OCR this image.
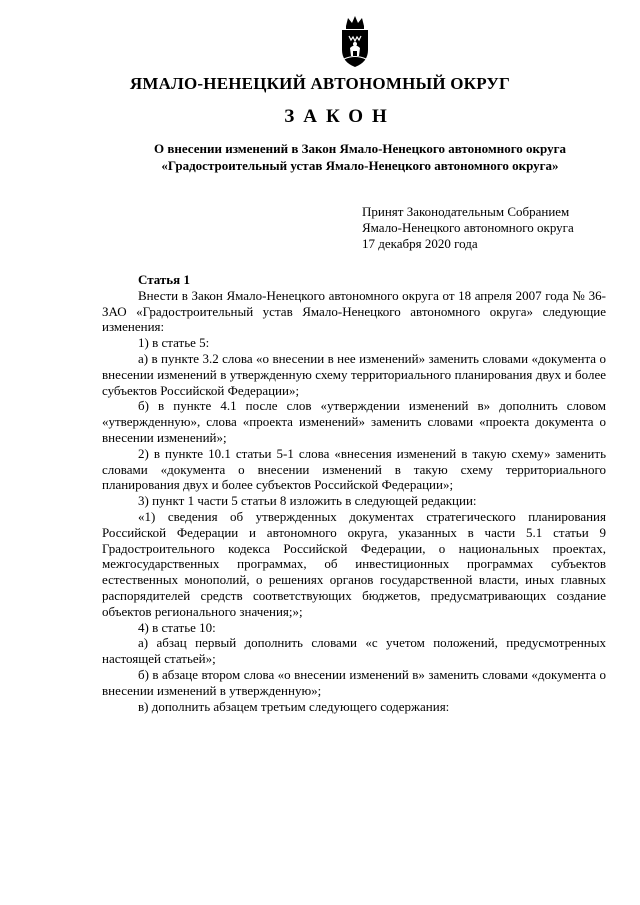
ЯМАЛО-НЕНЕЦКИЙ АВТОНОМНЫЙ ОКРУГ
ЗАКОН
О внесении изменений в Закон Ямало-Ненецкого автономного округа
«Градостроительный устав Ямало-Ненецкого автономного округа»
Принят Законодательным Собранием
Ямало-Ненецкого автономного округа
17 декабря 2020 года
Статья 1

Внести в Закон Ямало-Ненецкого автономного округа от 18 апреля 2007 года № 36-ЗАО «Градостроительный устав Ямало-Ненецкого автономного округа» следующие изменения:

1) в статье 5:

а) в пункте 3.2 слова «о внесении в нее изменений» заменить словами «документа о внесении изменений в утвержденную схему территориального планирования двух и более субъектов Российской Федерации»;

б) в пункте 4.1 после слов «утверждении изменений в» дополнить словом «утвержденную», слова «проекта изменений» заменить словами «проекта документа о внесении изменений»;

2) в пункте 10.1 статьи 5-1 слова «внесения изменений в такую схему» заменить словами «документа о внесении изменений в такую схему территориального планирования двух и более субъектов Российской Федерации»;

3) пункт 1 части 5 статьи 8 изложить в следующей редакции:

«1) сведения об утвержденных документах стратегического планирования Российской Федерации и автономного округа, указанных в части 5.1 статьи 9 Градостроительного кодекса Российской Федерации, о национальных проектах, межгосударственных программах, об инвестиционных программах субъектов естественных монополий, о решениях органов государственной власти, иных главных распорядителей средств соответствующих бюджетов, предусматривающих создание объектов регионального значения;»;

4) в статье 10:

а) абзац первый дополнить словами «с учетом положений, предусмотренных настоящей статьей»;

б) в абзаце втором слова «о внесении изменений в» заменить словами «документа о внесении изменений в утвержденную»;

в) дополнить абзацем третьим следующего содержания:
